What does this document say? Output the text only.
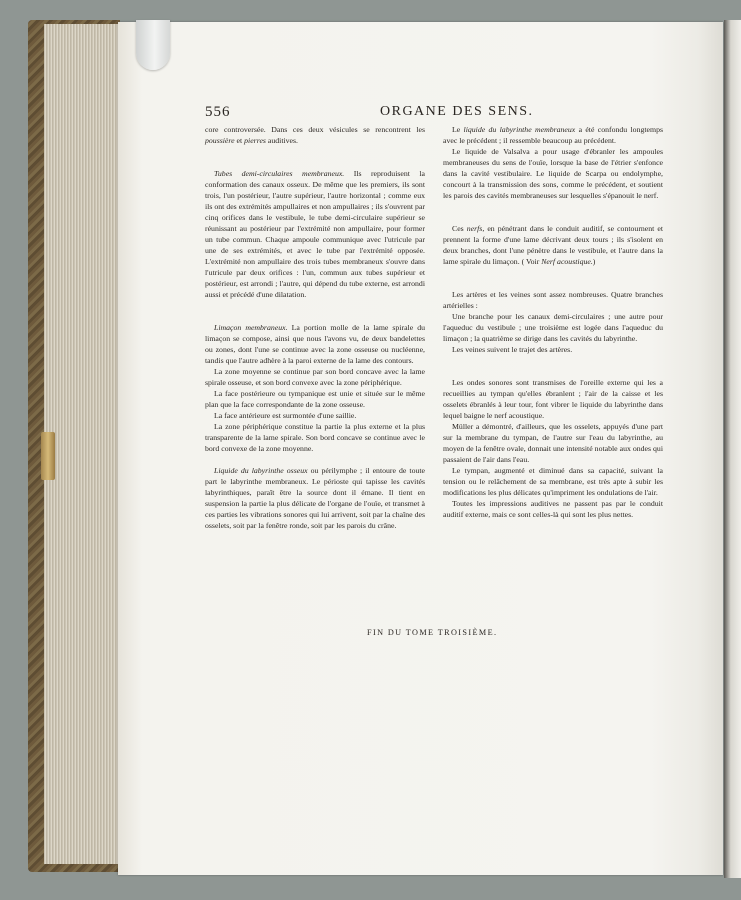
556	ORGANE DES SENS.

core controversée. Dans ces deux vésicules se rencontrent les poussière et pierres auditives.

Tubes demi-circulaires membraneux. Ils reproduisent la conformation des canaux osseux. De même que les premiers, ils sont trois, l'un postérieur, l'autre supérieur, l'autre horizontal ; comme eux ils ont des extrémités ampullaires et non ampullaires ; ils s'ouvrent par cinq orifices dans le vestibule, le tube demi-circulaire supérieur se réunissant au postérieur par l'extrémité non ampullaire, pour former un tube commun. Chaque ampoule communique avec l'utricule par une de ses extrémités, et avec le tube par l'extrémité opposée. L'extrémité non ampullaire des trois tubes membraneux s'ouvre dans l'utricule par deux orifices : l'un, commun aux tubes supérieur et postérieur, est arrondi ; l'autre, qui dépend du tube externe, est arrondi aussi et précédé d'une dilatation.

Limaçon membraneux. La portion molle de la lame spirale du limaçon se compose, ainsi que nous l'avons vu, de deux bandelettes ou zones, dont l'une se continue avec la zone osseuse ou nucléenne, tandis que l'autre adhère à la paroi externe de la lame des contours.

La zone moyenne se continue par son bord concave avec la lame spirale osseuse, et son bord convexe avec la zone périphérique.

La face postérieure ou tympanique est unie et située sur le même plan que la face correspondante de la zone osseuse.

La face antérieure est surmontée d'une saillie.

La zone périphérique constitue la partie la plus externe et la plus transparente de la lame spirale. Son bord concave se continue avec le bord convexe de la zone moyenne.

Liquide du labyrinthe osseux ou périlymphe ; il entoure de toute part le labyrinthe membraneux. Le périoste qui tapisse les cavités labyrinthiques, paraît être la source dont il émane. Il tient en suspension la partie la plus délicate de l'organe de l'ouïe, et transmet à ces parties les vibrations sonores qui lui arrivent, soit par la chaîne des osselets, soit par la fenêtre ronde, soit par les parois du crâne.

Le liquide du labyrinthe membraneux a été confondu longtemps avec le précédent ; il ressemble beaucoup au précédent.

Le liquide de Valsalva a pour usage d'ébranler les ampoules membraneuses du sens de l'ouïe, lorsque la base de l'étrier s'enfonce dans la cavité vestibulaire. Le liquide de Scarpa ou endolymphe, concourt à la transmission des sons, comme le précédent, et soutient les parois des cavités membraneuses sur lesquelles s'épanouit le nerf.

Ces nerfs, en pénétrant dans le conduit auditif, se contournent et prennent la forme d'une lame décrivant deux tours ; ils s'isolent en deux branches, dont l'une pénètre dans le vestibule, et l'autre dans la lame spirale du limaçon. ( Voir Nerf acoustique.)

Les artères et les veines sont assez nombreuses. Quatre branches artérielles :

Une branche pour les canaux demi-circulaires ; une autre pour l'aqueduc du vestibule ; une troisième est logée dans l'aqueduc du limaçon ; la quatrième se dirige dans les cavités du labyrinthe.

Les veines suivent le trajet des artères.

Les ondes sonores sont transmises de l'oreille externe qui les a recueillies au tympan qu'elles ébranlent ; l'air de la caisse et les osselets ébranlés à leur tour, font vibrer le liquide du labyrinthe dans lequel baigne le nerf acoustique.

Müller a démontré, d'ailleurs, que les osselets, appuyés d'une part sur la membrane du tympan, de l'autre sur l'eau du labyrinthe, au moyen de la fenêtre ovale, donnait une intensité notable aux ondes qui passaient de l'air dans l'eau.

Le tympan, augmenté et diminué dans sa capacité, suivant la tension ou le relâchement de sa membrane, est très apte à subir les modifications les plus délicates qu'impriment les ondulations de l'air.

Toutes les impressions auditives ne passent pas par le conduit auditif externe, mais ce sont celles-là qui sont les plus nettes.

FIN DU TOME TROISIÈME.
